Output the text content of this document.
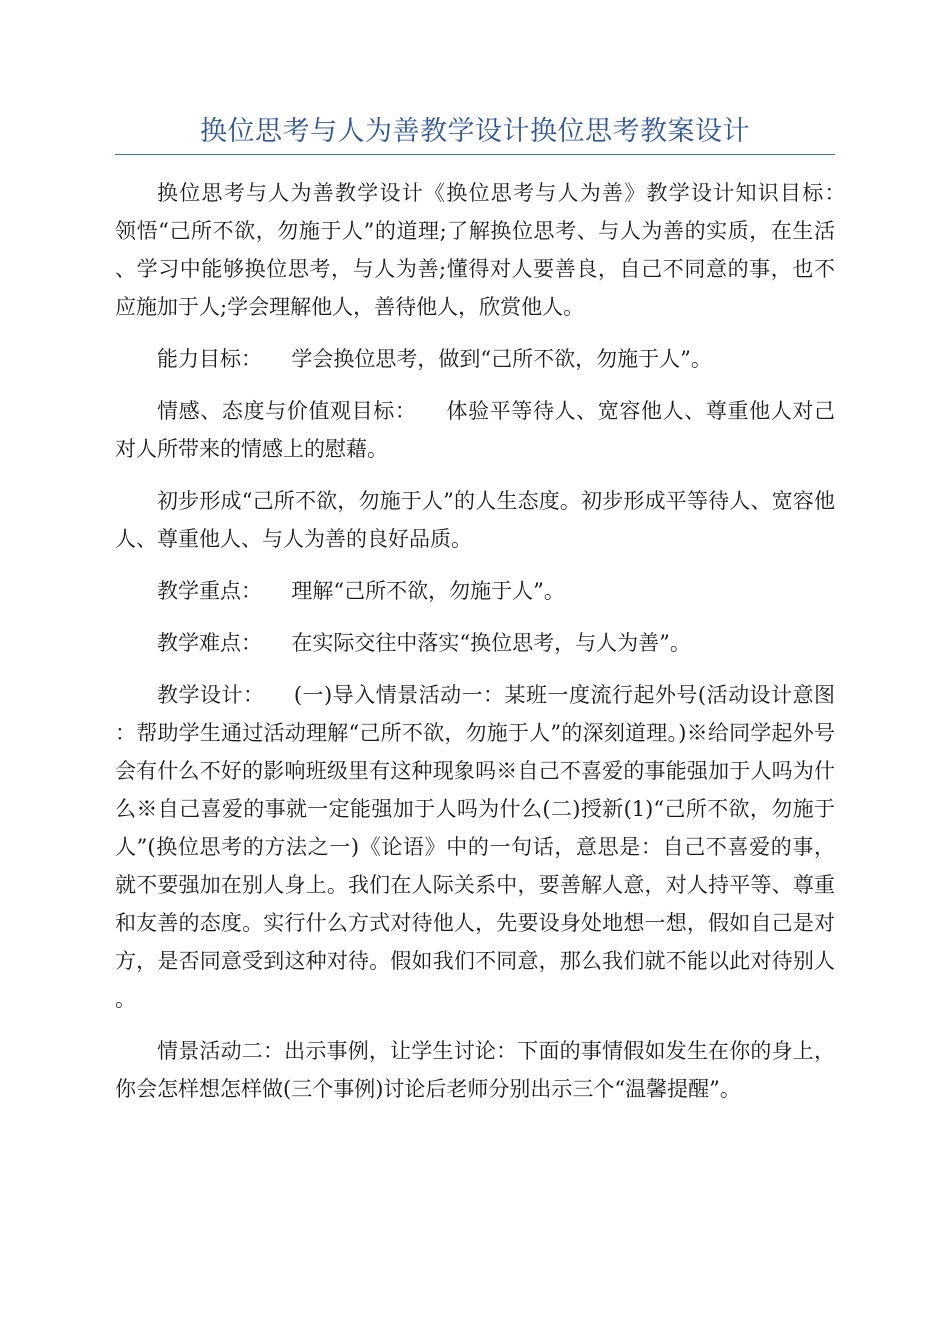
换位思考与人为善教学设计换位思考教案设计

换位思考与人为善教学设计《换位思考与人为善》教学设计知识目标：　领悟“己所不欲，勿施于人”的道理;了解换位思考、与人为善的实质，在生活、学习中能够换位思考，与人为善;懂得对人要善良，自己不同意的事，也不应施加于人;学会理解他人，善待他人，欣赏他人。

能力目标： 学会换位思考，做到“己所不欲，勿施于人”。

情感、态度与价值观目标： 体验平等待人、宽容他人、尊重他人对己对人所带来的情感上的慰藉。

初步形成“己所不欲，勿施于人”的人生态度。初步形成平等待人、宽容他人、尊重他人、与人为善的良好品质。

教学重点： 理解“己所不欲，勿施于人”。

教学难点： 在实际交往中落实“换位思考，与人为善”。

教学设计： (一)导入情景活动一：某班一度流行起外号(活动设计意图：帮助学生通过活动理解“己所不欲，勿施于人”的深刻道理。)※给同学起外号会有什么不好的影响班级里有这种现象吗※自己不喜爱的事能强加于人吗为什么※自己喜爱的事就一定能强加于人吗为什么(二)授新(1)“己所不欲，勿施于人”(换位思考的方法之一)《论语》中的一句话，意思是：自己不喜爱的事，就不要强加在别人身上。我们在人际关系中，要善解人意，对人持平等、尊重和友善的态度。实行什么方式对待他人，先要设身处地想一想，假如自己是对方，是否同意受到这种对待。假如我们不同意，那么我们就不能以此对待别人。

情景活动二：出示事例，让学生讨论：下面的事情假如发生在你的身上，你会怎样想怎样做(三个事例)讨论后老师分别出示三个“温馨提醒”。
